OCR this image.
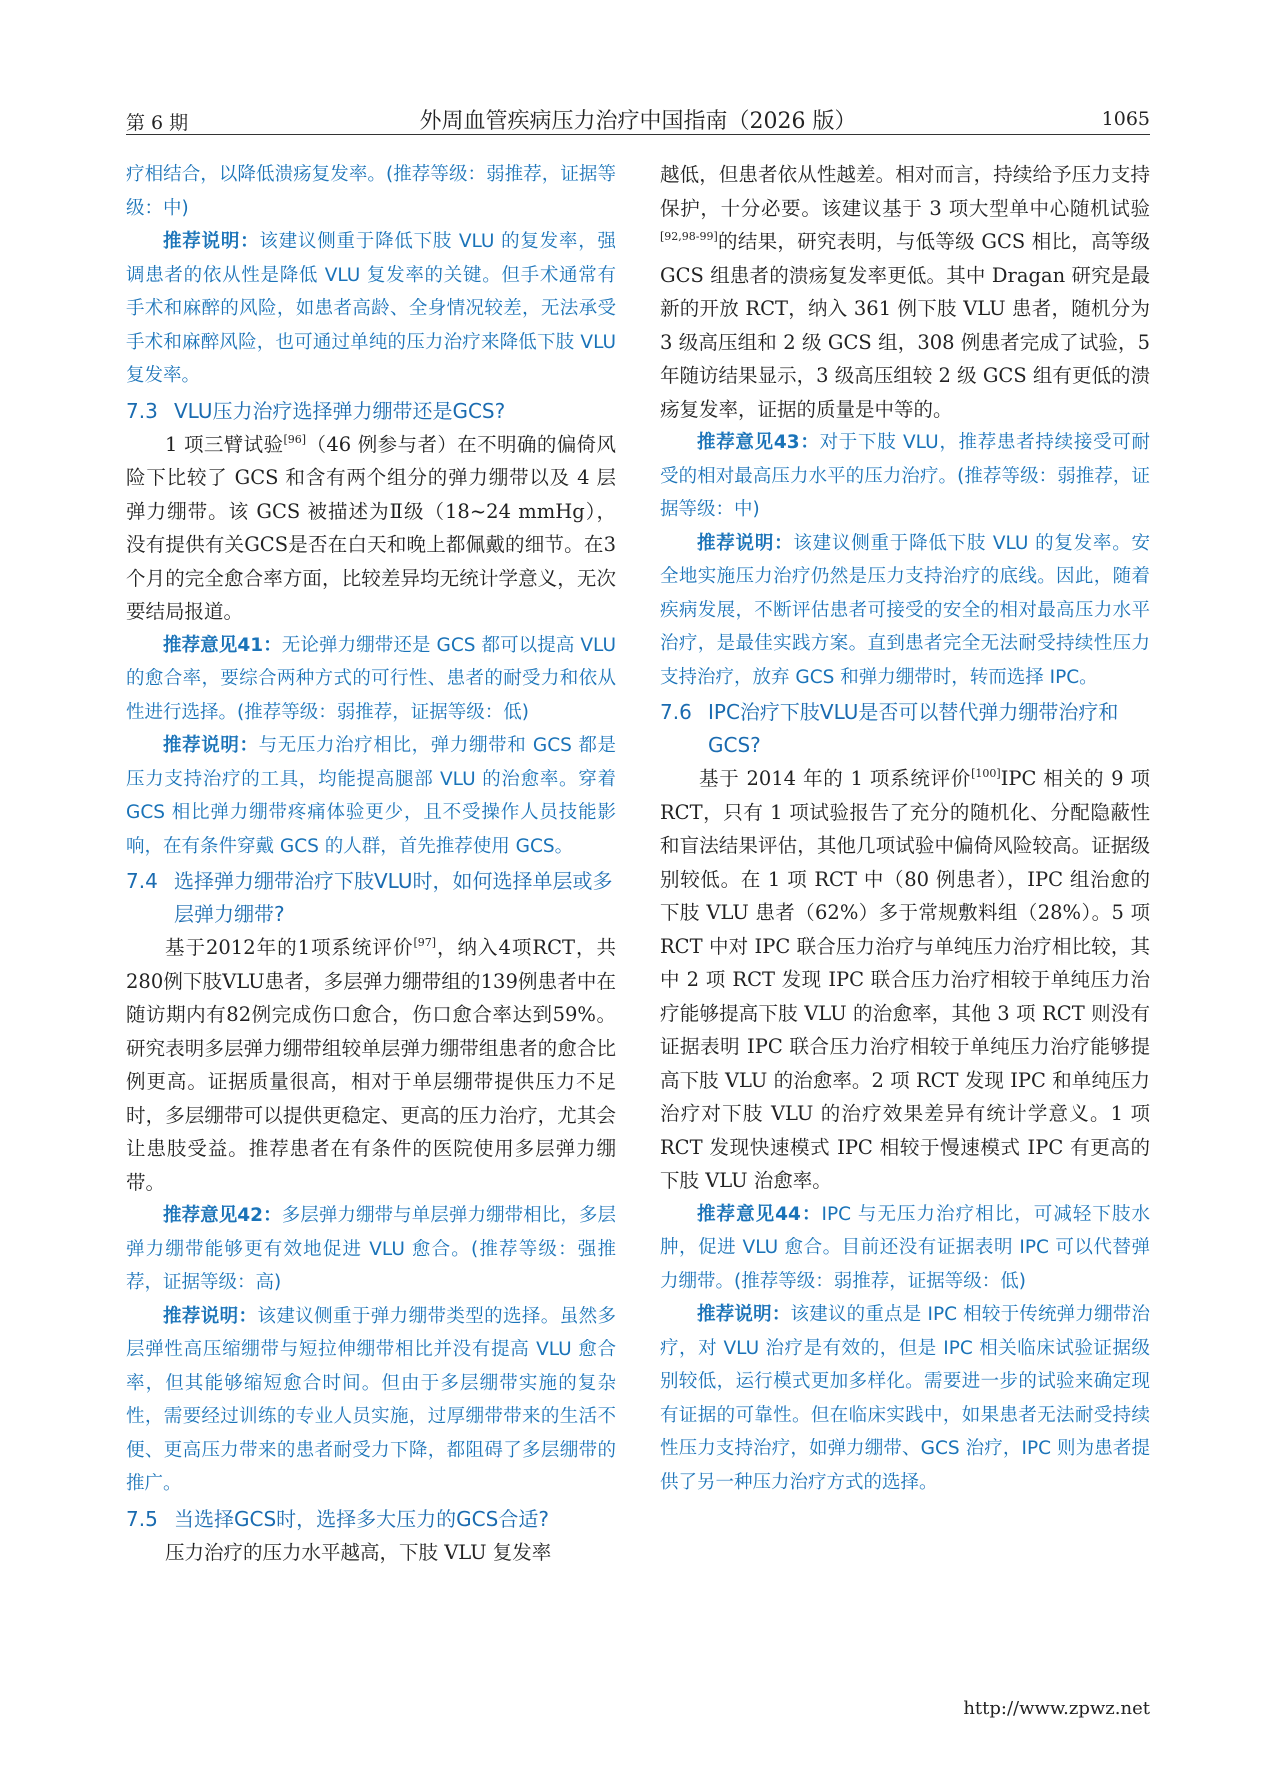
第 6 期	外周血管疾病压力治疗中国指南（2026 版）	1065

疗相结合，以降低溃疡复发率。(推荐等级：弱推荐，证据等级：中)

推荐说明：该建议侧重于降低下肢 VLU 的复发率，强调患者的依从性是降低 VLU 复发率的关键。但手术通常有手术和麻醉的风险，如患者高龄、全身情况较差，无法承受手术和麻醉风险，也可通过单纯的压力治疗来降低下肢 VLU 复发率。

7.3 VLU压力治疗选择弹力绷带还是GCS?

1 项三臂试验[96]（46 例参与者）在不明确的偏倚风险下比较了 GCS 和含有两个组分的弹力绷带以及 4 层弹力绷带。该 GCS 被描述为Ⅱ级（18~24 mmHg），没有提供有关GCS是否在白天和晚上都佩戴的细节。在3个月的完全愈合率方面，比较差异均无统计学意义，无次要结局报道。

推荐意见41：无论弹力绷带还是 GCS 都可以提高 VLU 的愈合率，要综合两种方式的可行性、患者的耐受力和依从性进行选择。(推荐等级：弱推荐，证据等级：低)

推荐说明：与无压力治疗相比，弹力绷带和 GCS 都是压力支持治疗的工具，均能提高腿部 VLU 的治愈率。穿着 GCS 相比弹力绷带疼痛体验更少，且不受操作人员技能影响，在有条件穿戴 GCS 的人群，首先推荐使用 GCS。

7.4 选择弹力绷带治疗下肢VLU时，如何选择单层或多层弹力绷带?

基于2012年的1项系统评价[97]，纳入4项RCT，共280例下肢VLU患者，多层弹力绷带组的139例患者中在随访期内有82例完成伤口愈合，伤口愈合率达到59%。研究表明多层弹力绷带组较单层弹力绷带组患者的愈合比例更高。证据质量很高，相对于单层绷带提供压力不足时，多层绷带可以提供更稳定、更高的压力治疗，尤其会让患肢受益。推荐患者在有条件的医院使用多层弹力绷带。

推荐意见42：多层弹力绷带与单层弹力绷带相比，多层弹力绷带能够更有效地促进 VLU 愈合。(推荐等级：强推荐，证据等级：高)

推荐说明：该建议侧重于弹力绷带类型的选择。虽然多层弹性高压缩绷带与短拉伸绷带相比并没有提高 VLU 愈合率，但其能够缩短愈合时间。但由于多层绷带实施的复杂性，需要经过训练的专业人员实施，过厚绷带带来的生活不便、更高压力带来的患者耐受力下降，都阻碍了多层绷带的推广。

7.5 当选择GCS时，选择多大压力的GCS合适?

压力治疗的压力水平越高，下肢 VLU 复发率

越低，但患者依从性越差。相对而言，持续给予压力支持保护，十分必要。该建议基于 3 项大型单中心随机试验[92,98-99]的结果，研究表明，与低等级 GCS 相比，高等级 GCS 组患者的溃疡复发率更低。其中 Dragan 研究是最新的开放 RCT，纳入 361 例下肢 VLU 患者，随机分为 3 级高压组和 2 级 GCS 组，308 例患者完成了试验，5 年随访结果显示，3 级高压组较 2 级 GCS 组有更低的溃疡复发率，证据的质量是中等的。

推荐意见43：对于下肢 VLU，推荐患者持续接受可耐受的相对最高压力水平的压力治疗。(推荐等级：弱推荐，证据等级：中)

推荐说明：该建议侧重于降低下肢 VLU 的复发率。安全地实施压力治疗仍然是压力支持治疗的底线。因此，随着疾病发展，不断评估患者可接受的安全的相对最高压力水平治疗，是最佳实践方案。直到患者完全无法耐受持续性压力支持治疗，放弃 GCS 和弹力绷带时，转而选择 IPC。

7.6 IPC治疗下肢VLU是否可以替代弹力绷带治疗和GCS?

基于 2014 年的 1 项系统评价[100]IPC 相关的 9 项 RCT，只有 1 项试验报告了充分的随机化、分配隐蔽性和盲法结果评估，其他几项试验中偏倚风险较高。证据级别较低。在 1 项 RCT 中（80 例患者），IPC 组治愈的下肢 VLU 患者（62%）多于常规敷料组（28%）。5 项 RCT 中对 IPC 联合压力治疗与单纯压力治疗相比较，其中 2 项 RCT 发现 IPC 联合压力治疗相较于单纯压力治疗能够提高下肢 VLU 的治愈率，其他 3 项 RCT 则没有证据表明 IPC 联合压力治疗相较于单纯压力治疗能够提高下肢 VLU 的治愈率。2 项 RCT 发现 IPC 和单纯压力治疗对下肢 VLU 的治疗效果差异有统计学意义。1 项 RCT 发现快速模式 IPC 相较于慢速模式 IPC 有更高的下肢 VLU 治愈率。

推荐意见44：IPC 与无压力治疗相比，可减轻下肢水肿，促进 VLU 愈合。目前还没有证据表明 IPC 可以代替弹力绷带。(推荐等级：弱推荐，证据等级：低)

推荐说明：该建议的重点是 IPC 相较于传统弹力绷带治疗，对 VLU 治疗是有效的，但是 IPC 相关临床试验证据级别较低，运行模式更加多样化。需要进一步的试验来确定现有证据的可靠性。但在临床实践中，如果患者无法耐受持续性压力支持治疗，如弹力绷带、GCS 治疗，IPC 则为患者提供了另一种压力治疗方式的选择。

http://www.zpwz.net
